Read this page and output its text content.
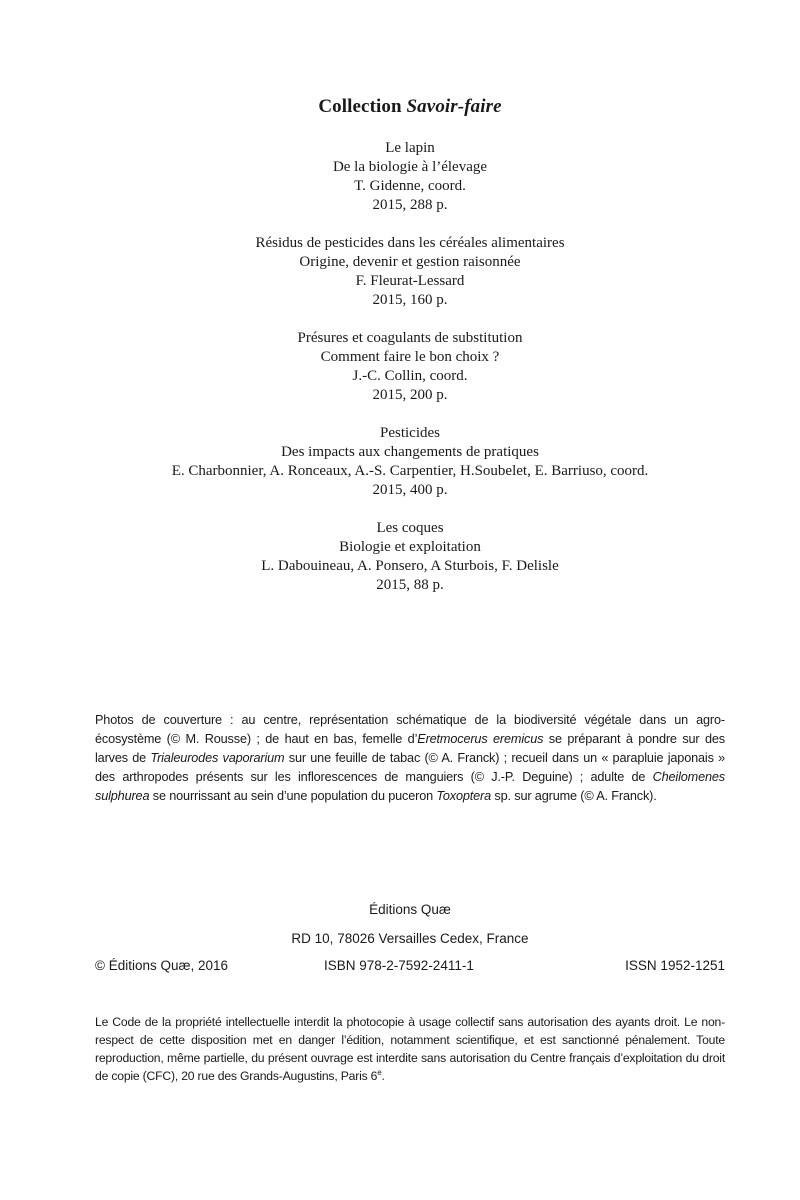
Collection Savoir-faire
Le lapin
De la biologie à l’élevage
T. Gidenne, coord.
2015, 288 p.
Résidus de pesticides dans les céréales alimentaires
Origine, devenir et gestion raisonnée
F. Fleurat-Lessard
2015, 160 p.
Présures et coagulants de substitution
Comment faire le bon choix ?
J.-C. Collin, coord.
2015, 200 p.
Pesticides
Des impacts aux changements de pratiques
E. Charbonnier, A. Ronceaux, A.-S. Carpentier, H.Soubelet, E. Barriuso, coord.
2015, 400 p.
Les coques
Biologie et exploitation
L. Dabouineau, A. Ponsero, A Sturbois, F. Delisle
2015, 88 p.

Photos de couverture : au centre, représentation schématique de la biodiversité végétale dans un agro-écosystème (© M. Rousse) ; de haut en bas, femelle d’Eretmocerus eremicus se préparant à pondre sur des larves de Trialeurodes vaporarium sur une feuille de tabac (© A. Franck) ; recueil dans un « parapluie japonais » des arthropodes présents sur les inflorescences de manguiers (© J.-P. Deguine) ; adulte de Cheilomenes sulphurea se nourrissant au sein d’une population du puceron Toxoptera sp. sur agrume (© A. Franck).

Éditions Quæ
RD 10, 78026 Versailles Cedex, France
© Éditions Quæ, 2016	ISBN 978-2-7592-2411-1	ISSN 1952-1251

Le Code de la propriété intellectuelle interdit la photocopie à usage collectif sans autorisation des ayants droit. Le non-respect de cette disposition met en danger l’édition, notamment scientifique, et est sanctionné pénalement. Toute reproduction, même partielle, du présent ouvrage est interdite sans autorisation du Centre français d’exploitation du droit de copie (CFC), 20 rue des Grands-Augustins, Paris 6e.
